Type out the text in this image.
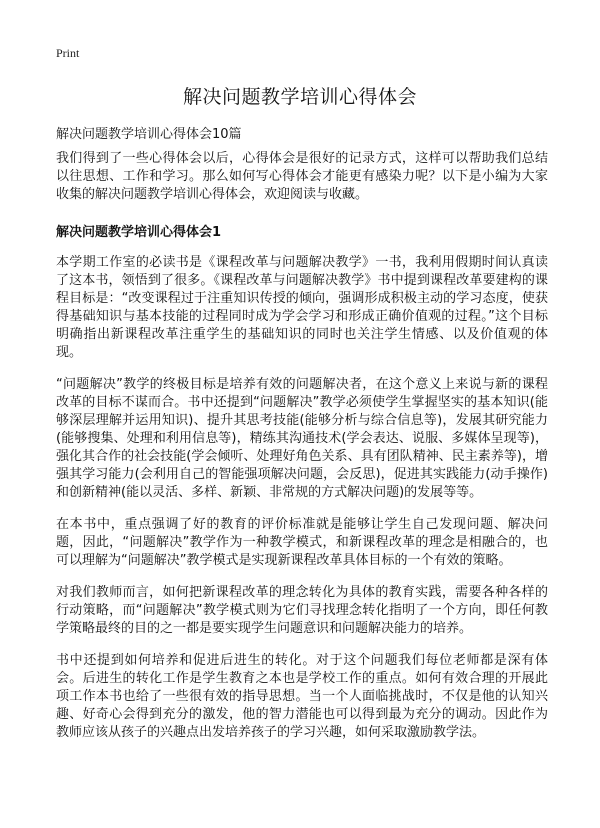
Print
解决问题教学培训心得体会

解决问题教学培训心得体会10篇

我们得到了一些心得体会以后，心得体会是很好的记录方式，这样可以帮助我们总结以往思想、工作和学习。那么如何写心得体会才能更有感染力呢？以下是小编为大家收集的解决问题教学培训心得体会，欢迎阅读与收藏。

解决问题教学培训心得体会1

本学期工作室的必读书是《课程改革与问题解决教学》一书，我利用假期时间认真读了这本书，领悟到了很多。《课程改革与问题解决教学》书中提到课程改革要建构的课程目标是：“改变课程过于注重知识传授的倾向，强调形成积极主动的学习态度，使获得基础知识与基本技能的过程同时成为学会学习和形成正确价值观的过程。”这个目标明确指出新课程改革注重学生的基础知识的同时也关注学生情感、以及价值观的体现。

“问题解决”教学的终极目标是培养有效的问题解决者，在这个意义上来说与新的课程改革的目标不谋而合。书中还提到“问题解决”教学必须使学生掌握坚实的基本知识(能够深层理解并运用知识)、提升其思考技能(能够分析与综合信息等)，发展其研究能力(能够搜集、处理和利用信息等)，精练其沟通技术(学会表达、说服、多媒体呈现等)，强化其合作的社会技能(学会倾听、处理好角色关系、具有团队精神、民主素养等)，增强其学习能力(会利用自己的智能强项解决问题，会反思)，促进其实践能力(动手操作)和创新精神(能以灵活、多样、新颖、非常规的方式解决问题)的发展等等。

在本书中，重点强调了好的教育的评价标准就是能够让学生自己发现问题、解决问题，因此，“问题解决”教学作为一种教学模式，和新课程改革的理念是相融合的，也可以理解为“问题解决”教学模式是实现新课程改革具体目标的一个有效的策略。

对我们教师而言，如何把新课程改革的理念转化为具体的教育实践，需要各种各样的行动策略，而“问题解决”教学模式则为它们寻找理念转化指明了一个方向，即任何教学策略最终的目的之一都是要实现学生问题意识和问题解决能力的培养。

书中还提到如何培养和促进后进生的转化。对于这个问题我们每位老师都是深有体会。后进生的转化工作是学生教育之本也是学校工作的重点。如何有效合理的开展此项工作本书也给了一些很有效的指导思想。当一个人面临挑战时，不仅是他的认知兴趣、好奇心会得到充分的激发，他的智力潜能也可以得到最为充分的调动。因此作为教师应该从孩子的兴趣点出发培养孩子的学习兴趣，如何采取激励教学法。
